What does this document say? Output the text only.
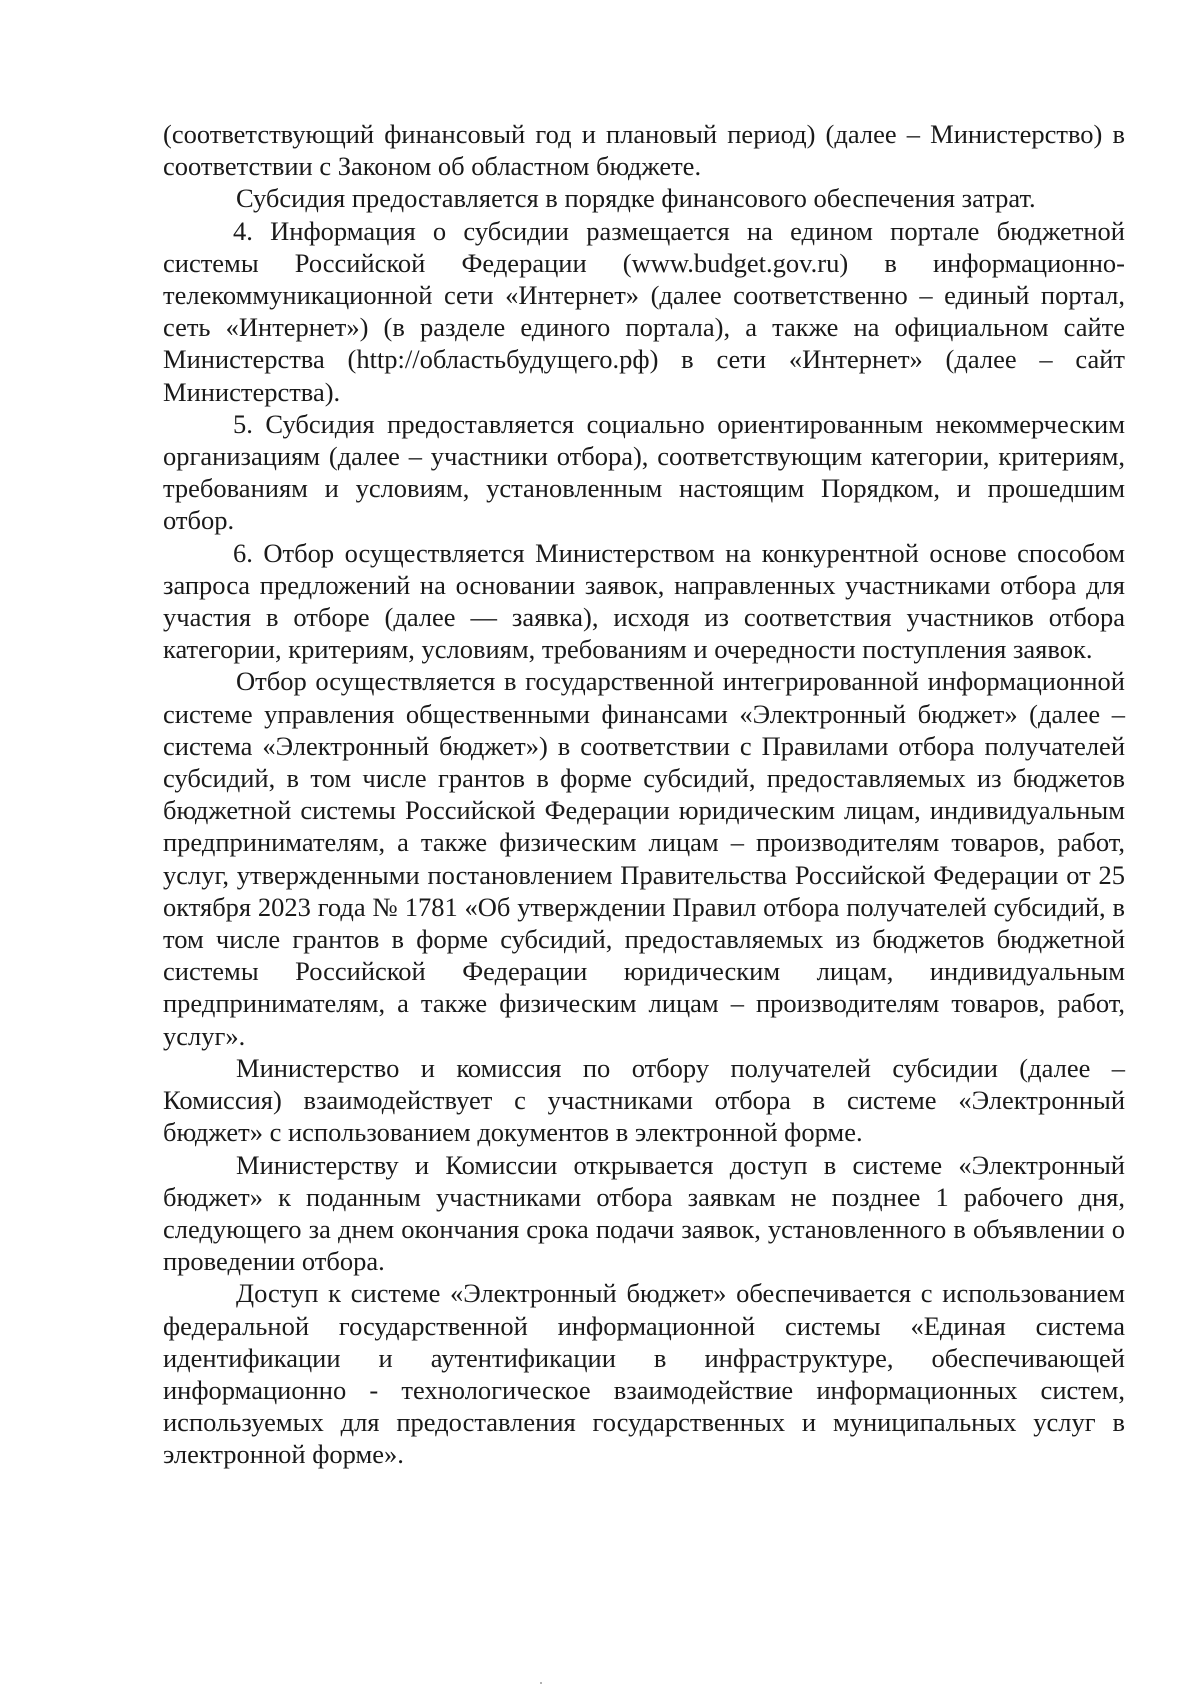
(соответствующий финансовый год и плановый период) (далее – Министерство) в соответствии с Законом об областном бюджете.

Субсидия предоставляется в порядке финансового обеспечения затрат.

4. Информация о субсидии размещается на едином портале бюджетной системы Российской Федерации (www.budget.gov.ru) в информационно-телекоммуникационной сети «Интернет» (далее соответственно – единый портал, сеть «Интернет») (в разделе единого портала), а также на официальном сайте Министерства (http://областьбудущего.рф) в сети «Интернет» (далее – сайт Министерства).

5. Субсидия предоставляется социально ориентированным некоммерческим организациям (далее – участники отбора), соответствующим категории, критериям, требованиям и условиям, установленным настоящим Порядком, и прошедшим отбор.

6. Отбор осуществляется Министерством на конкурентной основе способом запроса предложений на основании заявок, направленных участниками отбора для участия в отборе (далее — заявка), исходя из соответствия участников отбора категории, критериям, условиям, требованиям и очередности поступления заявок.

Отбор осуществляется в государственной интегрированной информационной системе управления общественными финансами «Электронный бюджет» (далее – система «Электронный бюджет») в соответствии с Правилами отбора получателей субсидий, в том числе грантов в форме субсидий, предоставляемых из бюджетов бюджетной системы Российской Федерации юридическим лицам, индивидуальным предпринимателям, а также физическим лицам – производителям товаров, работ, услуг, утвержденными постановлением Правительства Российской Федерации от 25 октября 2023 года № 1781 «Об утверждении Правил отбора получателей субсидий, в том числе грантов в форме субсидий, предоставляемых из бюджетов бюджетной системы Российской Федерации юридическим лицам, индивидуальным предпринимателям, а также физическим лицам – производителям товаров, работ, услуг».

Министерство и комиссия по отбору получателей субсидии (далее – Комиссия) взаимодействует с участниками отбора в системе «Электронный бюджет» с использованием документов в электронной форме.

Министерству и Комиссии открывается доступ в системе «Электронный бюджет» к поданным участниками отбора заявкам не позднее 1 рабочего дня, следующего за днем окончания срока подачи заявок, установленного в объявлении о проведении отбора.

Доступ к системе «Электронный бюджет» обеспечивается с использованием федеральной государственной информационной системы «Единая система идентификации и аутентификации в инфраструктуре, обеспечивающей информационно - технологическое взаимодействие информационных систем, используемых для предоставления государственных и муниципальных услуг в электронной форме».
